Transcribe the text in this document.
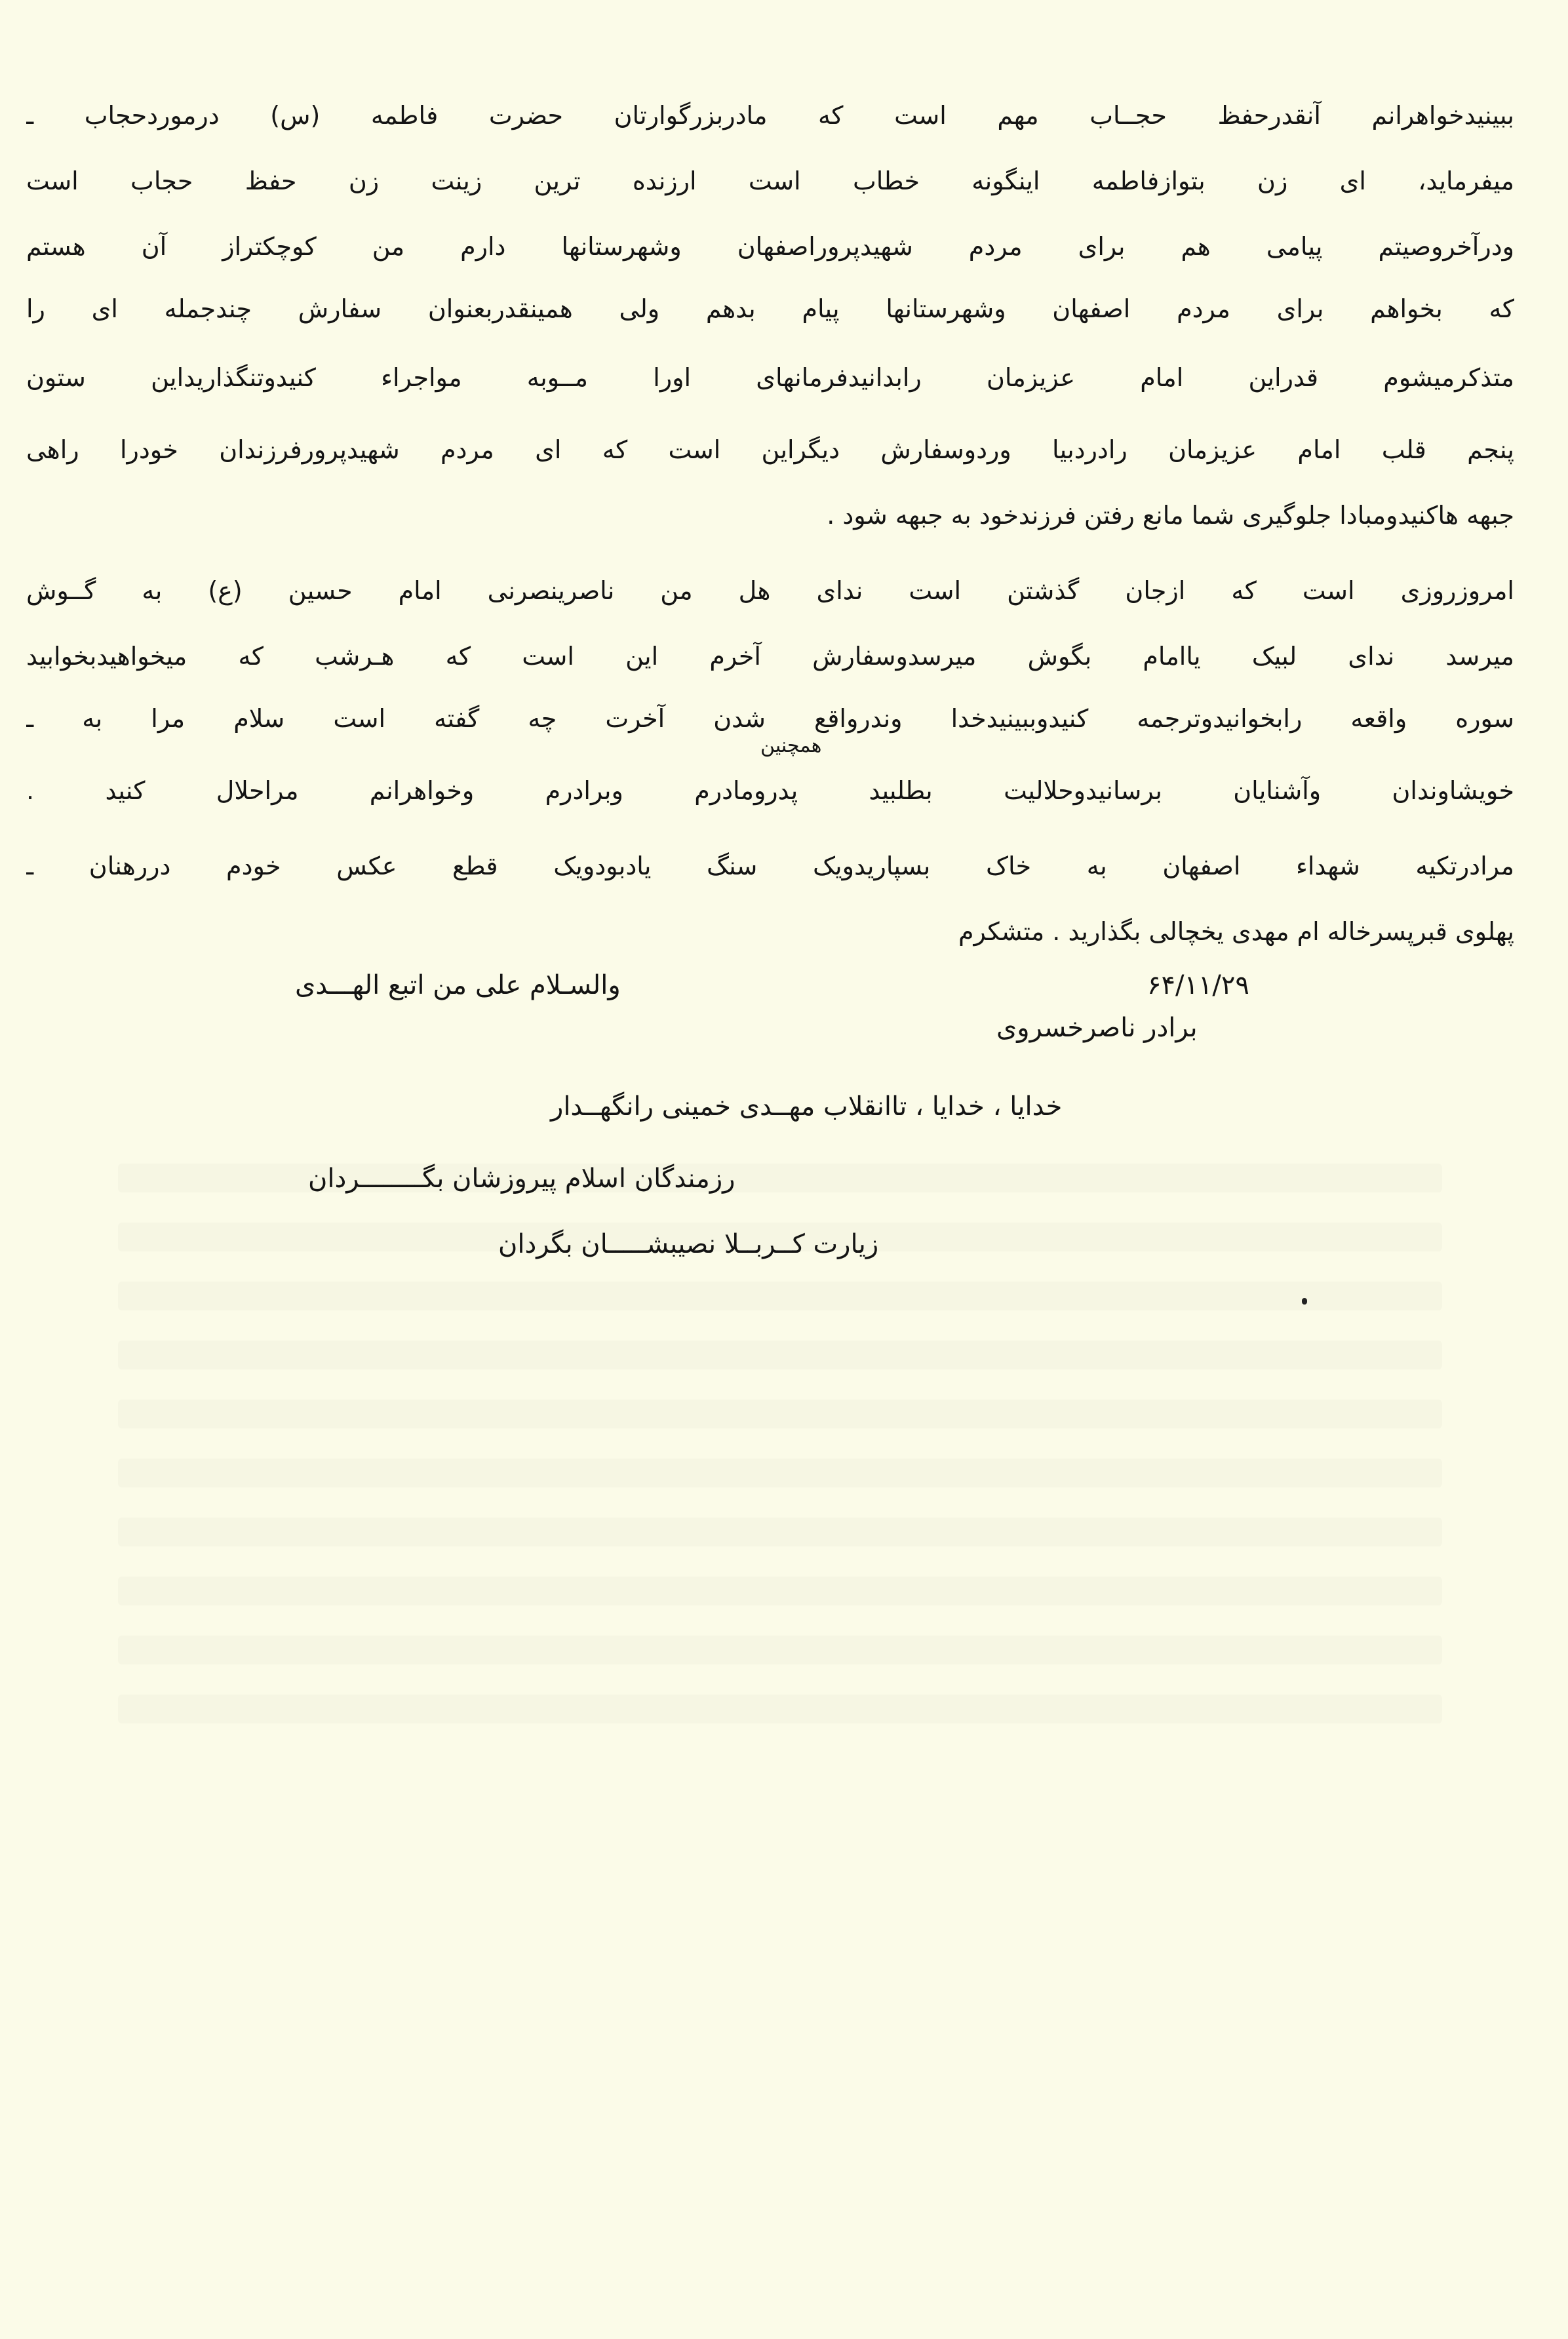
ببینیدخواهرانم آنقدرحفظ حجــاب مهم است که مادربزرگوارتان حضرت فاطمه (س) درموردحجاب ـ
میفرماید، ای زن بتوازفاطمه اینگونه خطاب است ارزنده ترین زینت زن حفظ حجاب است
ودرآخروصیتم پیامی هم برای مردم شهیدپروراصفهان وشهرستانها دارم من کوچکتراز آن هستم
که بخواهم برای مردم اصفهان وشهرستانها پیام بدهم ولی همینقدربعنوان سفارش چندجمله ای را
متذکرمیشوم قدراین امام عزیزمان رابدانیدفرمانهای اورا مــوبه مواجراء کنیدوتنگذاریداین ستون
پنجم قلب امام عزیزمان رادردبیا وردوسفارش دیگراین است که ای مردم شهیدپرورفرزندان خودرا راهی
جبهه هاکنیدومبادا جلوگیری شما مانع رفتن فرزندخود به جبهه شود .
امروزروزی است که ازجان گذشتن است ندای هل من ناصرینصرنی امام حسین (ع) به گــوش
میرسد ندای لبیک یاامام بگوش میرسدوسفارش آخرم این است که هـرشب که میخواهیدبخوابید
سوره واقعه رابخوانیدوترجمه کنیدوببینیدخدا وندرواقع شدن آخرت چه گفته است سلام مرا به ـ
خویشاوندان وآشنایان برسانیدوحلالیت بطلبید پدرومادرم وبرادرم وخواهرانم مراحلال کنید .
مرادرتکیه شهداء اصفهان به خاک بسپاریدویک سنگ یادبودویک قطع عکس خودم دررهنان ـ
پهلوی قبرپسرخاله ام مهدی یخچالی بگذارید . متشکرم
همچنین
والسـلام علی من اتبع الهـــدی	۶۴/۱۱/۲۹
برادر ناصرخسروی
خدایا ، خدایا ، تاانقلاب مهــدی خمینی رانگهــدار
رزمندگان اسلام پیروزشان بگــــــــردان
زیارت کــربــلا نصیبشـــــان بگردان
